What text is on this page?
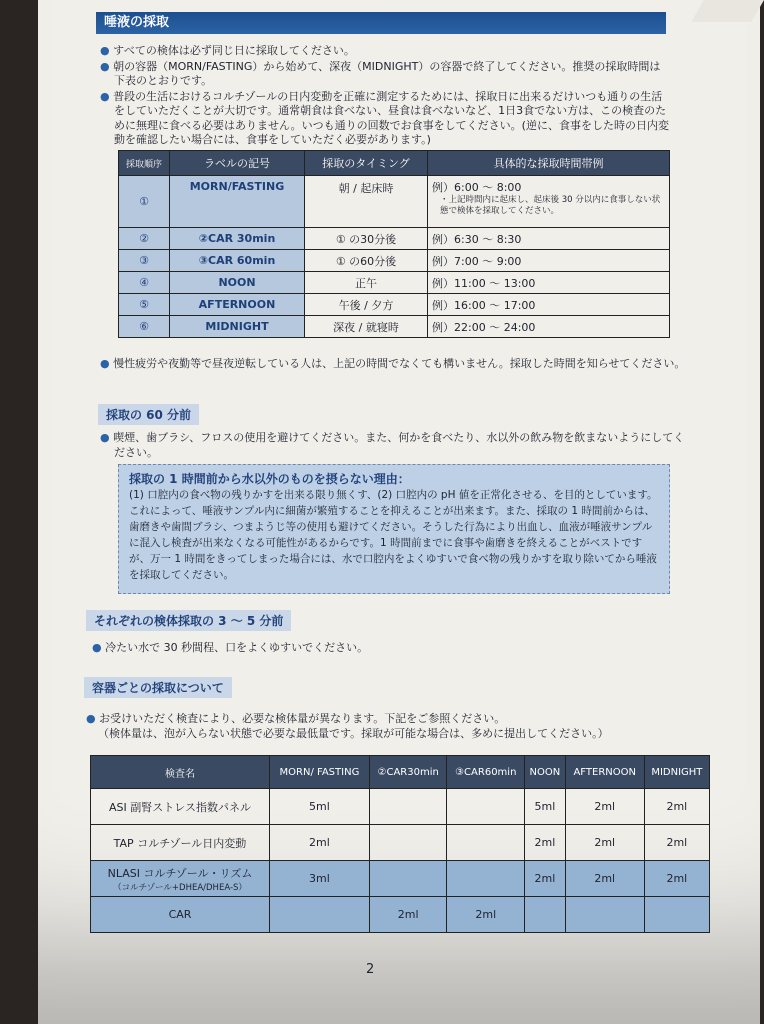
唾液の採取

● すべての検体は必ず同じ日に採取してください。

● 朝の容器（MORN/FASTING）から始めて、深夜（MIDNIGHT）の容器で終了してください。推奨の採取時間は下表のとおりです。

● 普段の生活におけるコルチゾールの日内変動を正確に測定するためには、採取日に出来るだけいつも通りの生活をしていただくことが大切です。通常朝食は食べない、昼食は食べないなど、1日3食でない方は、この検査のために無理に食べる必要はありません。いつも通りの回数でお食事をしてください。(逆に、食事をした時の日内変動を確認したい場合には、食事をしていただく必要があります。)

採取順序	ラベルの記号	採取のタイミング	具体的な採取時間帯例
①	MORN/FASTING	朝 / 起床時	例）6:00 〜 8:00
・上記時間内に起床し、起床後 30 分以内に食事しない状態で検体を採取してください。

②	②CAR 30min	① の30分後	例）6:30 〜 8:30
③	③CAR 60min	① の60分後	例）7:00 〜 9:00
④	NOON	正午	例）11:00 〜 13:00
⑤	AFTERNOON	午後 / 夕方	例）16:00 〜 17:00
⑥	MIDNIGHT	深夜 / 就寝時	例）22:00 〜 24:00
● 慢性疲労や夜勤等で昼夜逆転している人は、上記の時間でなくても構いません。採取した時間を知らせてください。
採取の 60 分前
● 喫煙、歯ブラシ、フロスの使用を避けてください。また、何かを食べたり、水以外の飲み物を飲まないようにしてください。
採取の 1 時間前から水以外のものを摂らない理由：
(1) 口腔内の食べ物の残りかすを出来る限り無くす、(2) 口腔内の pH 値を正常化させる、を目的としています。これによって、唾液サンプル内に細菌が繁殖することを抑えることが出来ます。また、採取の 1 時間前からは、歯磨きや歯間ブラシ、つまようじ等の使用も避けてください。そうした行為により出血し、血液が唾液サンプルに混入し検査が出来なくなる可能性があるからです。1 時間前までに食事や歯磨きを終えることがベストですが、万一 1 時間をきってしまった場合には、水で口腔内をよくゆすいで食べ物の残りかすを取り除いてから唾液を採取してください。
それぞれの検体採取の 3 〜 5 分前
● 冷たい水で 30 秒間程、口をよくゆすいでください。
容器ごとの採取について
● お受けいただく検査により、必要な検体量が異なります。下記をご参照ください。
（検体量は、泡が入らない状態で必要な最低量です。採取が可能な場合は、多めに提出してください。）
検査名	MORN/ FASTING	②CAR30min	③CAR60min	NOON	AFTERNOON	MIDNIGHT
ASI 副腎ストレス指数パネル	5ml			5ml	2ml	2ml
TAP コルチゾール日内変動	2ml			2ml	2ml	2ml

NLASI コルチゾール・リズム
（コルチゾール+DHEA/DHEA-S）	3ml			2ml	2ml	2ml
CAR		2ml	2ml			
2
